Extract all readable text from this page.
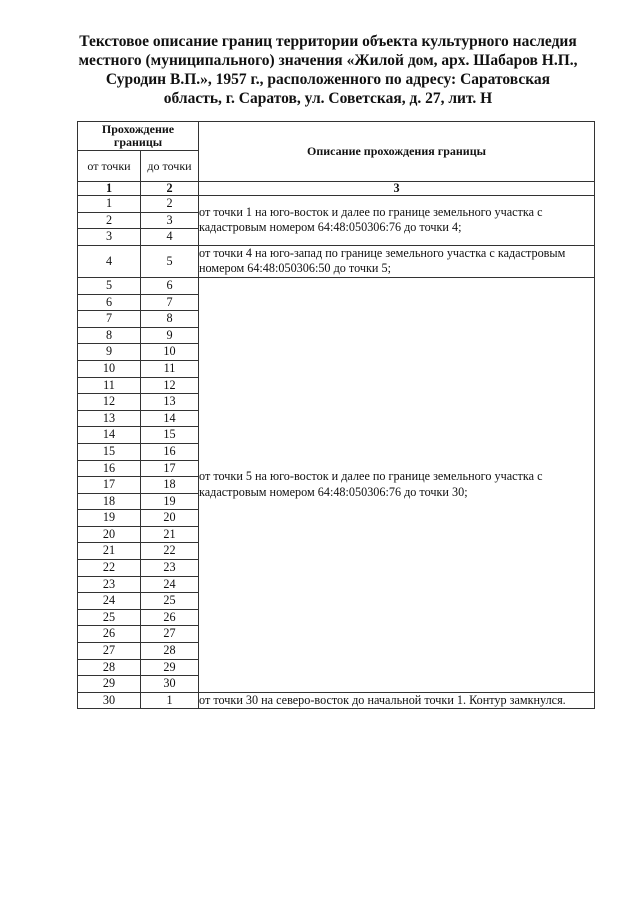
Текстовое описание границ территории объекта культурного наследия
местного (муниципального) значения «Жилой дом, арх. Шабаров Н.П.,
Суродин В.П.», 1957 г., расположенного по адресу: Саратовская
область, г. Саратов, ул. Советская, д. 27, лит. Н
Прохождение границы		Описание прохождения границы
от точки	до точки	
1	2	3
1	2	от точки 1 на юго-восток и далее по границе земельного участка с кадастровым номером 64:48:050306:76 до точки 4;
2	3	
3	4	
4	5	от точки 4 на юго-запад по границе земельного участка с кадастровым номером 64:48:050306:50 до точки 5;
5	6	от точки 5 на юго-восток и далее по границе земельного участка с кадастровым номером 64:48:050306:76 до точки 30;
6	7	
7	8	
8	9	
9	10	
10	11	
11	12	
12	13	
13	14	
14	15	
15	16	
16	17	
17	18	
18	19	
19	20	
20	21	
21	22	
22	23	
23	24	
24	25	
25	26	
26	27	
27	28	
28	29	
29	30	
30	1	от точки 30 на северо-восток до начальной точки 1. Контур замкнулся.
